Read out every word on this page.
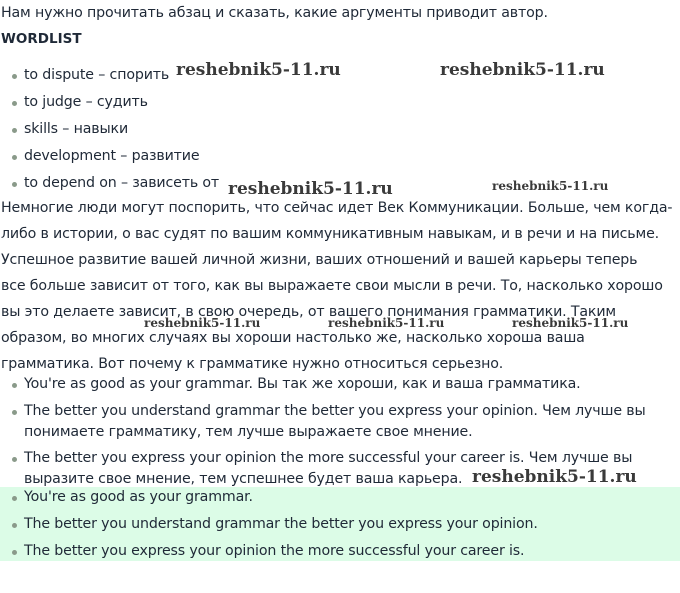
Нам нужно прочитать абзац и сказать, какие аргументы приводит автор.
WORDLIST
to dispute – спорить
to judge – судить
skills – навыки
development – развитие
to depend on – зависеть от
Немногие люди могут поспорить, что сейчас идет Век Коммуникации. Больше, чем когда-
либо в истории, о вас судят по вашим коммуникативным навыкам, и в речи и на письме.
Успешное развитие вашей личной жизни, ваших отношений и вашей карьеры теперь
все больше зависит от того, как вы выражаете свои мысли в речи. То, насколько хорошо
вы это делаете зависит, в свою очередь, от вашего понимания грамматики. Таким
образом, во многих случаях вы хороши настолько же, насколько хороша ваша
грамматика. Вот почему к грамматике нужно относиться серьезно.
You're as good as your grammar. Вы так же хороши, как и ваша грамматика.
The better you understand grammar the better you express your opinion. Чем лучше вы
понимаете грамматику, тем лучше выражаете свое мнение.
The better you express your opinion the more successful your career is. Чем лучше вы
выразите свое мнение, тем успешнее будет ваша карьера.
You're as good as your grammar.
The better you understand grammar the better you express your opinion.
The better you express your opinion the more successful your career is.
reshebnik5-11.ru	reshebnik5-11.ru
reshebnik5-11.ru	reshebnik5-11.ru
reshebnik5-11.ru	reshebnik5-11.ru	reshebnik5-11.ru
reshebnik5-11.ru
